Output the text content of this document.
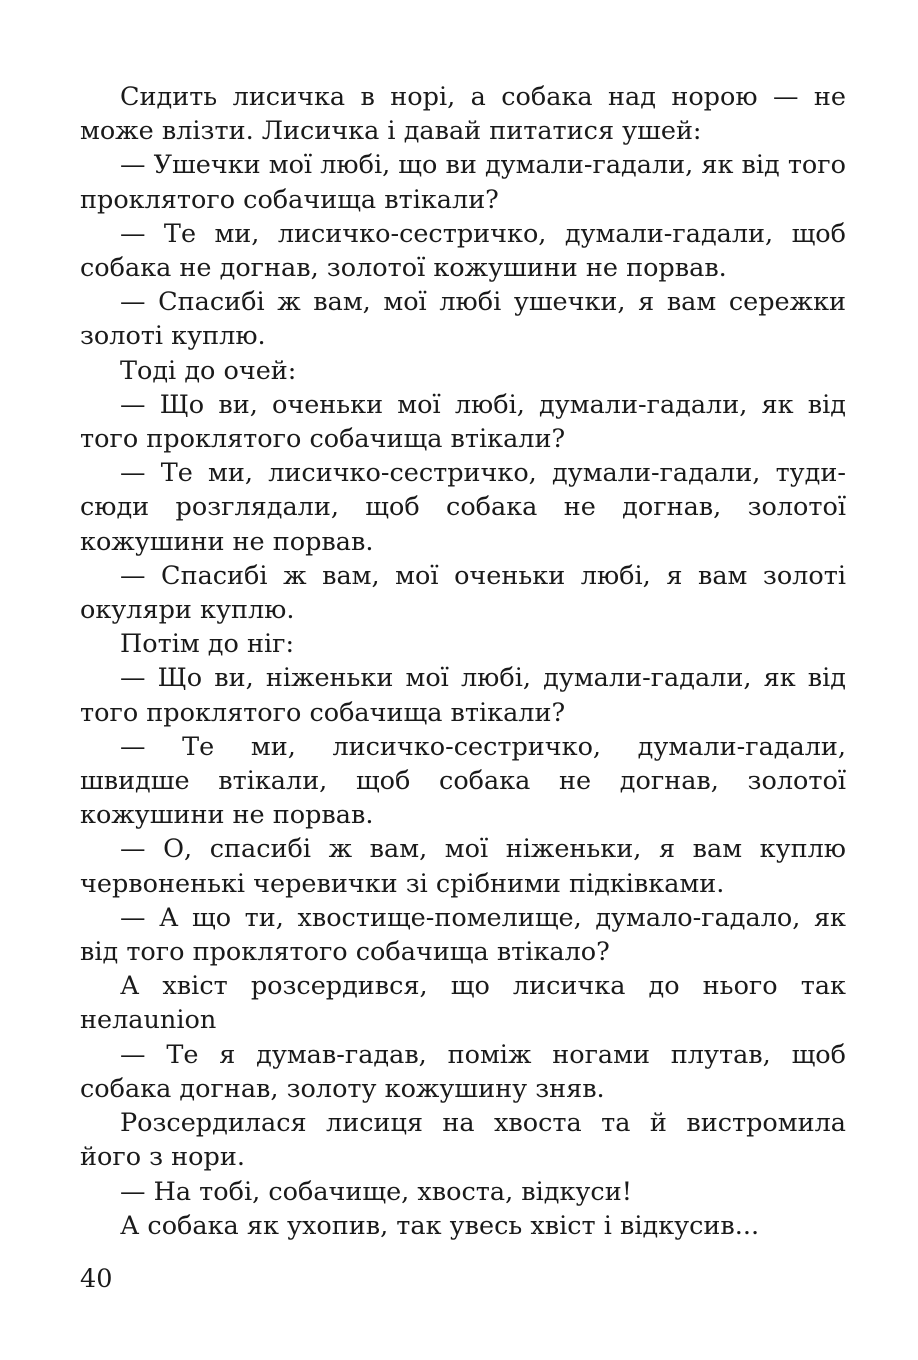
Сидить лисичка в норі, а собака над норою — не може влізти. Лисичка і давай питатися ушей:

— Ушечки мої любі, що ви думали-гадали, як від того проклятого собачища втікали?

— Те ми, лисичко-сестричко, думали-гадали, щоб собака не догнав, золотої кожушини не порвав.

— Спасибі ж вам, мої любі ушечки, я вам сережки золоті куплю.

Тоді до очей:

— Що ви, оченьки мої любі, думали-гадали, як від того проклятого собачища втікали?

— Те ми, лисичко-сестричко, думали-гадали, туди-сюди розглядали, щоб собака не догнав, золотої кожушини не порвав.

— Спасибі ж вам, мої оченьки любі, я вам золоті окуляри куплю.

Потім до ніг:

— Що ви, ніженьки мої любі, думали-гадали, як від того проклятого собачища втікали?

— Те ми, лисичко-сестричко, думали-гадали, швидше втікали, щоб собака не догнав, золотої кожушини не порвав.

— О, спасибі ж вам, мої ніженьки, я вам куплю червоненькі черевички зі срібними підківками.

— А що ти, хвостище-помелище, думало-гадало, як від того проклятого собачища втікало?

А хвіст розсердився, що лисичка до нього так нелаunion

— Те я думав-гадав, поміж ногами плутав, щоб собака догнав, золоту кожушину зняв.

Розсердилася лисиця на хвоста та й вистромила його з нори.

— На тобі, собачище, хвоста, відкуси!

А собака як ухопив, так увесь хвіст і відкусив...

40
